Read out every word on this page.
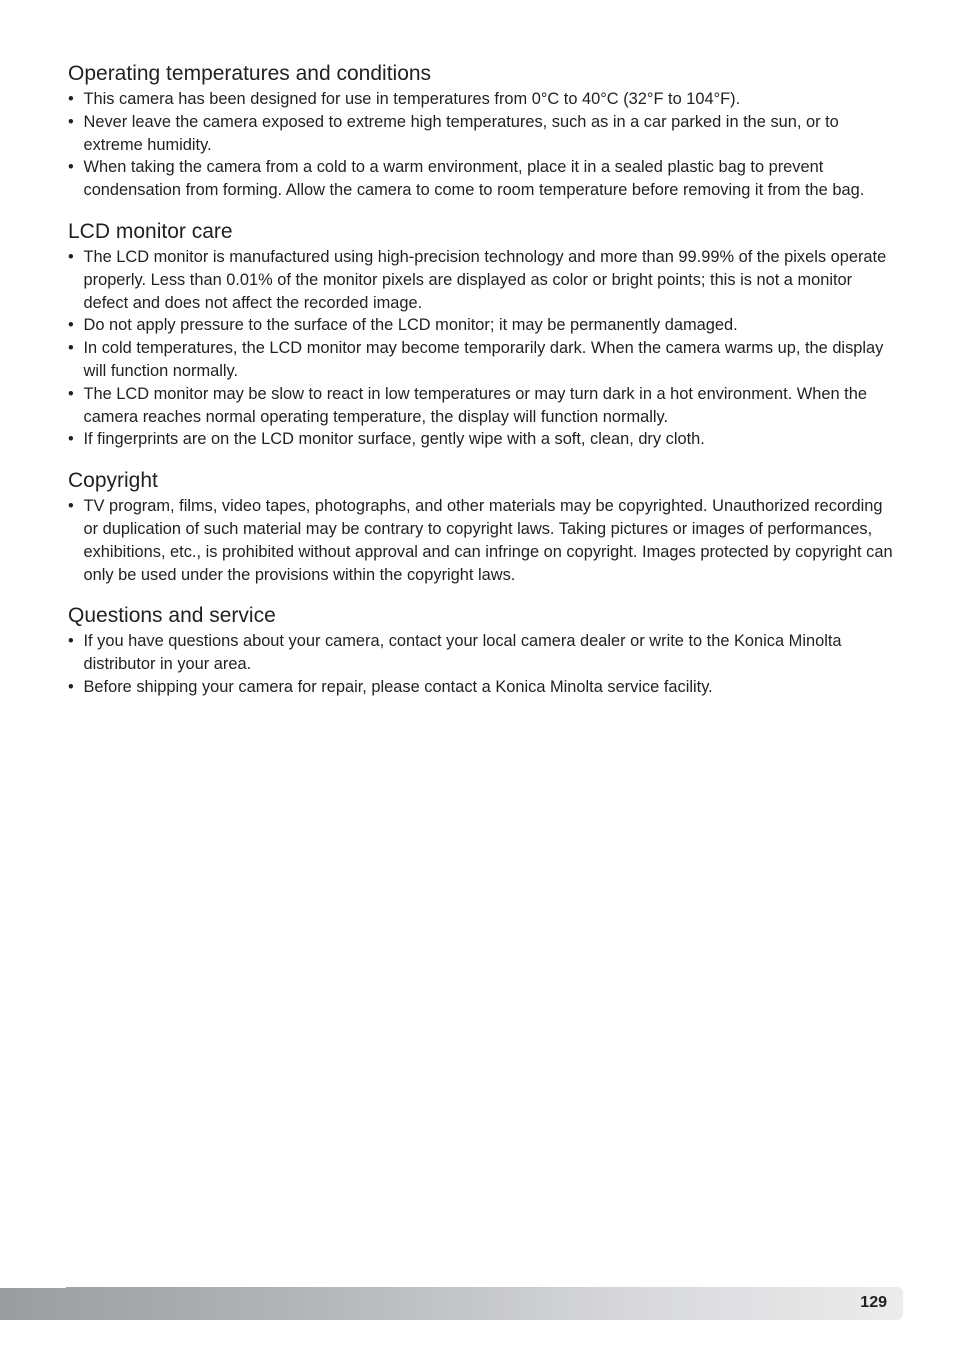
Operating temperatures and conditions
• This camera has been designed for use in temperatures from 0°C to 40°C (32°F to 104°F).
• Never leave the camera exposed to extreme high temperatures, such as in a car parked in the sun, or to extreme humidity.
• When taking the camera from a cold to a warm environment, place it in a sealed plastic bag to prevent condensation from forming. Allow the camera to come to room temperature before removing it from the bag.
LCD monitor care
• The LCD monitor is manufactured using high-precision technology and more than 99.99% of the pixels operate properly. Less than 0.01% of the monitor pixels are displayed as color or bright points; this is not a monitor defect and does not affect the recorded image.
• Do not apply pressure to the surface of the LCD monitor; it may be permanently damaged.
• In cold temperatures, the LCD monitor may become temporarily dark. When the camera warms up, the display will function normally.
• The LCD monitor may be slow to react in low temperatures or may turn dark in a hot environment. When the camera reaches normal operating temperature, the display will function normally.
• If fingerprints are on the LCD monitor surface, gently wipe with a soft, clean, dry cloth.
Copyright
• TV program, films, video tapes, photographs, and other materials may be copyrighted. Unauthorized recording or duplication of such material may be contrary to copyright laws. Taking pictures or images of performances, exhibitions, etc., is prohibited without approval and can infringe on copyright. Images protected by copyright can only be used under the provisions within the copyright laws.
Questions and service
• If you have questions about your camera, contact your local camera dealer or write to the Konica Minolta distributor in your area.
• Before shipping your camera for repair, please contact a Konica Minolta service facility.
129
